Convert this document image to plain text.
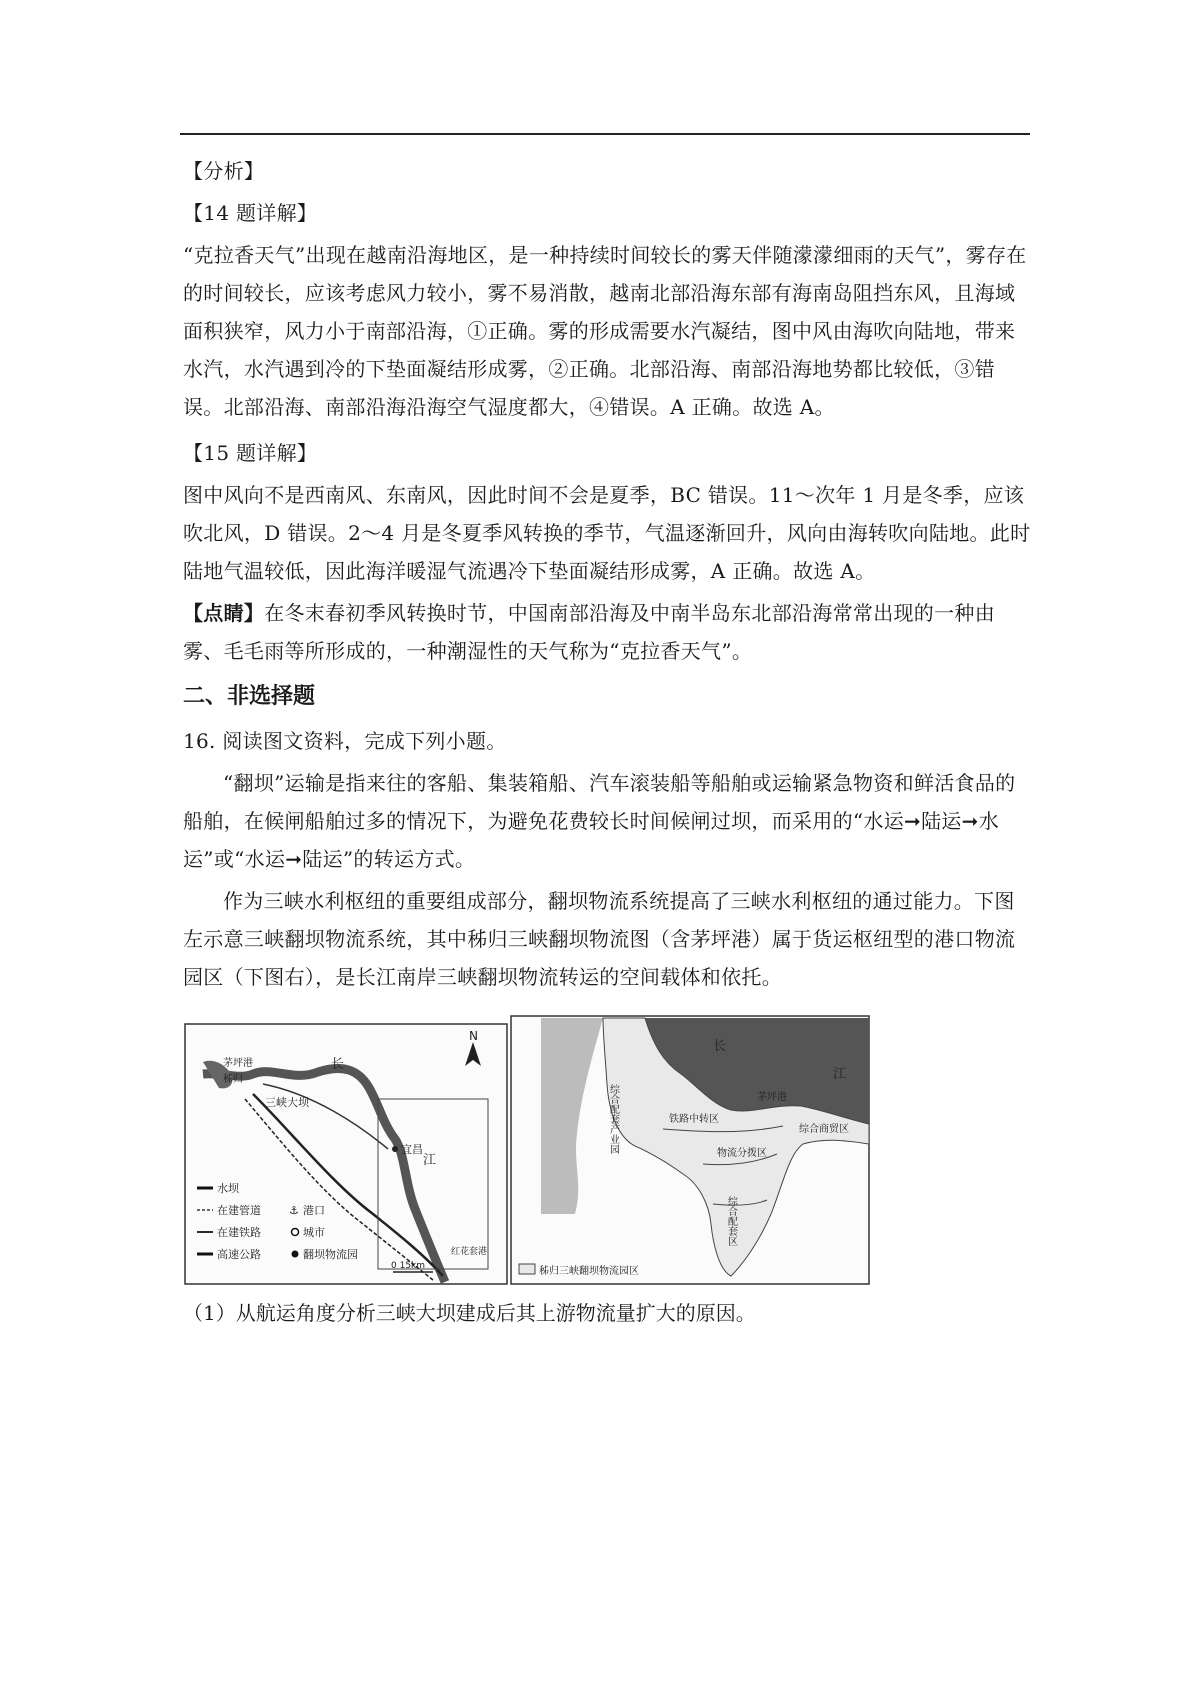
【分析】

【14 题详解】

“克拉香天气”出现在越南沿海地区，是一种持续时间较长的雾天伴随濛濛细雨的天气”，雾存在的时间较长，应该考虑风力较小，雾不易消散，越南北部沿海东部有海南岛阻挡东风，且海域面积狭窄，风力小于南部沿海，①正确。雾的形成需要水汽凝结，图中风由海吹向陆地，带来水汽，水汽遇到冷的下垫面凝结形成雾，②正确。北部沿海、南部沿海地势都比较低，③错误。北部沿海、南部沿海沿海空气湿度都大，④错误。A 正确。故选 A。

【15 题详解】

图中风向不是西南风、东南风，因此时间不会是夏季，BC 错误。11～次年 1 月是冬季，应该吹北风，D 错误。2～4 月是冬夏季风转换的季节，气温逐渐回升，风向由海转吹向陆地。此时陆地气温较低，因此海洋暖湿气流遇冷下垫面凝结形成雾，A 正确。故选 A。

【点睛】在冬末春初季风转换时节，中国南部沿海及中南半岛东北部沿海常常出现的一种由雾、毛毛雨等所形成的，一种潮湿性的天气称为“克拉香天气”。

二、非选择题

16. 阅读图文资料，完成下列小题。

“翻坝”运输是指来往的客船、集装箱船、汽车滚装船等船舶或运输紧急物资和鲜活食品的船舶，在候闸船舶过多的情况下，为避免花费较长时间候闸过坝，而采用的“水运➞陆运➞水运”或“水运➞陆运”的转运方式。

作为三峡水利枢纽的重要组成部分，翻坝物流系统提高了三峡水利枢纽的通过能力。下图左示意三峡翻坝物流系统，其中秭归三峡翻坝物流图（含茅坪港）属于货运枢纽型的港口物流园区（下图右），是长江南岸三峡翻坝物流转运的空间载体和依托。

N
长
江
茅坪港
秭归
三峡大坝
宜昌
红花套港
0 15km
水坝
在建管道
在建铁路
高速公路
⚓ 港口
城市
翻坝物流园
长
江
茅坪港
综合配套产业园	铁路中转区
综合商贸区
物流分拨区
综合配套区
秭归三峡翻坝物流园区

（1）从航运角度分析三峡大坝建成后其上游物流量扩大的原因。
